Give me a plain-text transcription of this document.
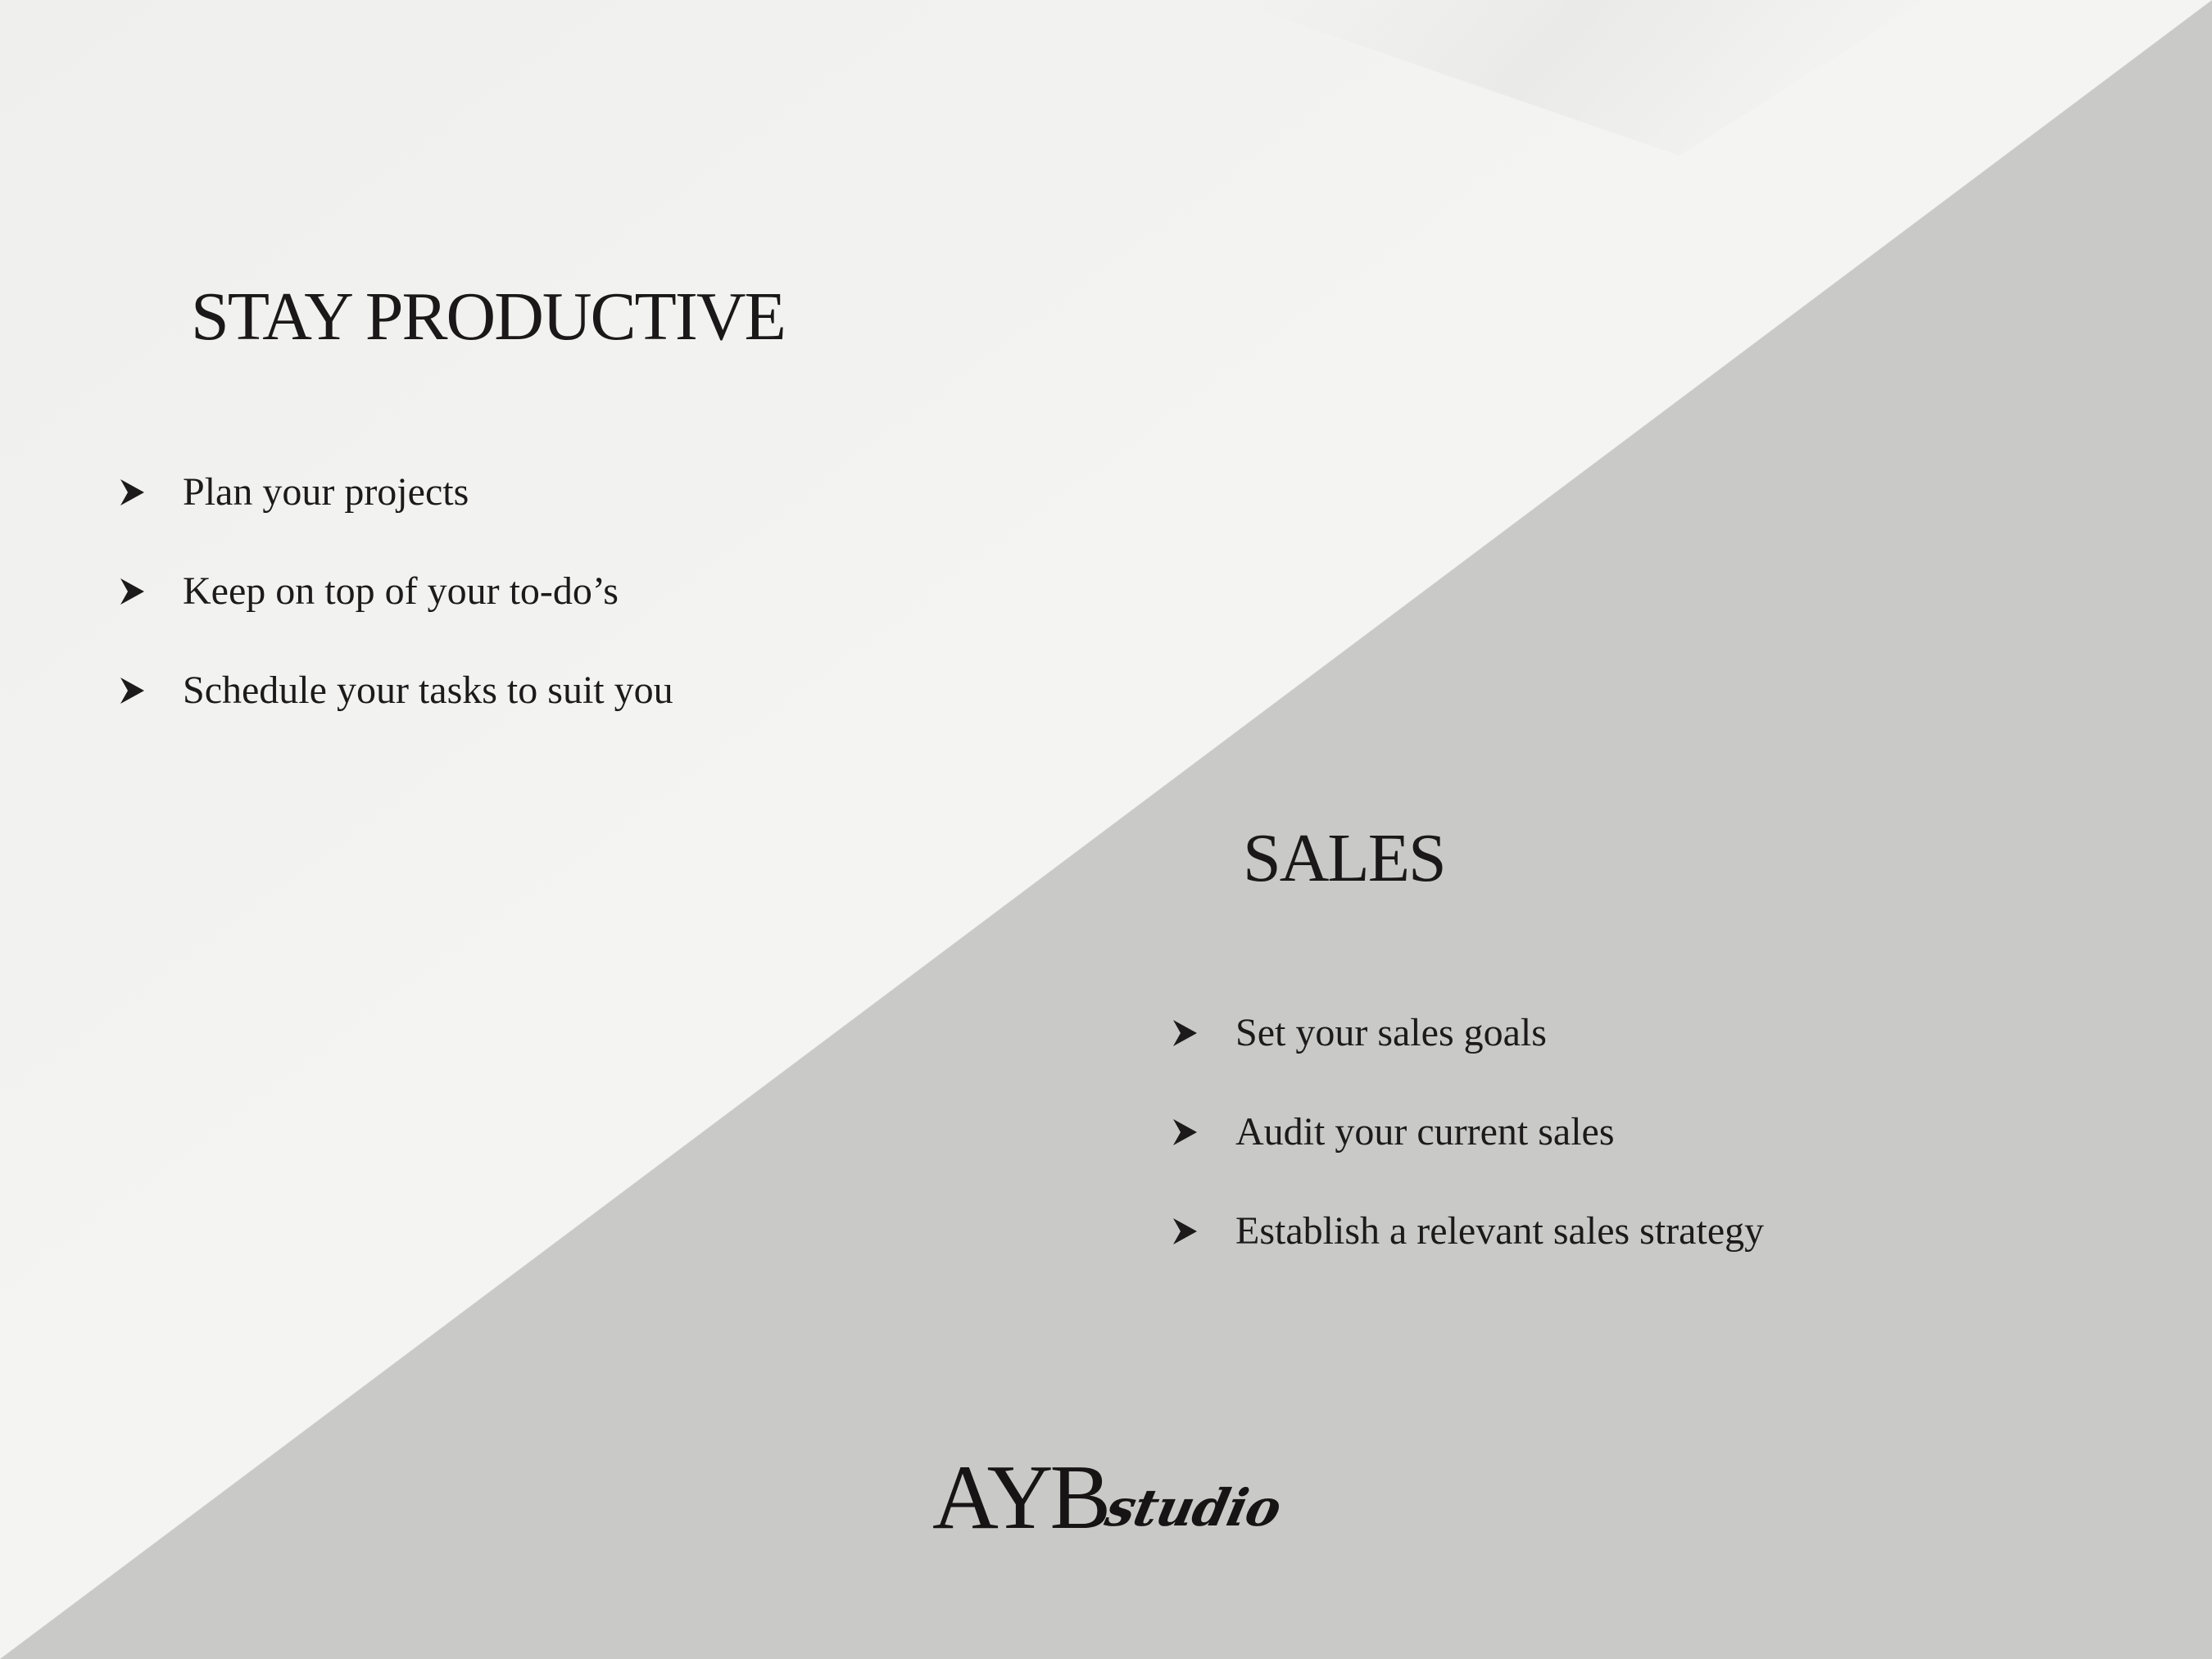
STAY PRODUCTIVE
Plan your projects
Keep on top of your to-do’s
Schedule your tasks to suit you
SALES
Set your sales goals
Audit your current sales
Establish a relevant sales strategy
AYB
studio
